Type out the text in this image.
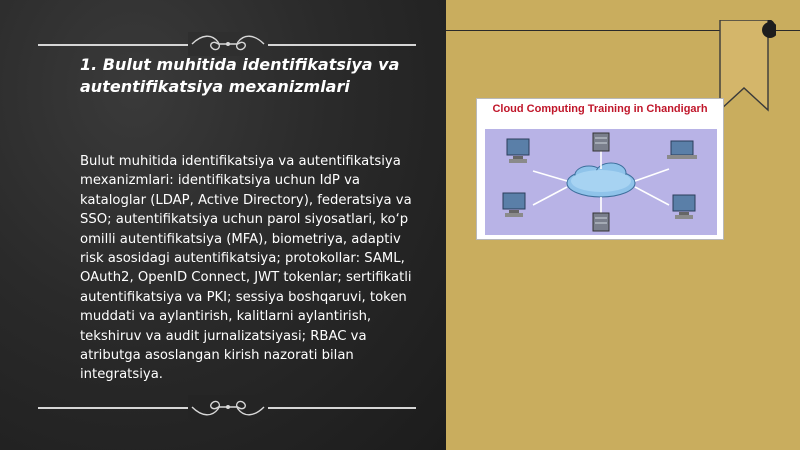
1. Bulut muhitida identifikatsiya va
autentifikatsiya mexanizmlari
Bulut muhitida identifikatsiya va autentifikatsiya mexanizmlari: identifikatsiya uchun IdP va kataloglar (LDAP, Active Directory), federatsiya va SSO; autentifikatsiya uchun parol siyosatlari, ko‘p omilli autentifikatsiya (MFA), biometriya, adaptiv risk asosidagi autentifikatsiya; protokollar: SAML, OAuth2, OpenID Connect, JWT tokenlar; sertifikatli autentifikatsiya va PKI; sessiya boshqaruvi, token muddati va aylantirish, kalitlarni aylantirish, tekshiruv va audit jurnalizatsiyasi; RBAC va atributga asoslangan kirish nazorati bilan integratsiya.
Cloud Computing Training in Chandigarh
